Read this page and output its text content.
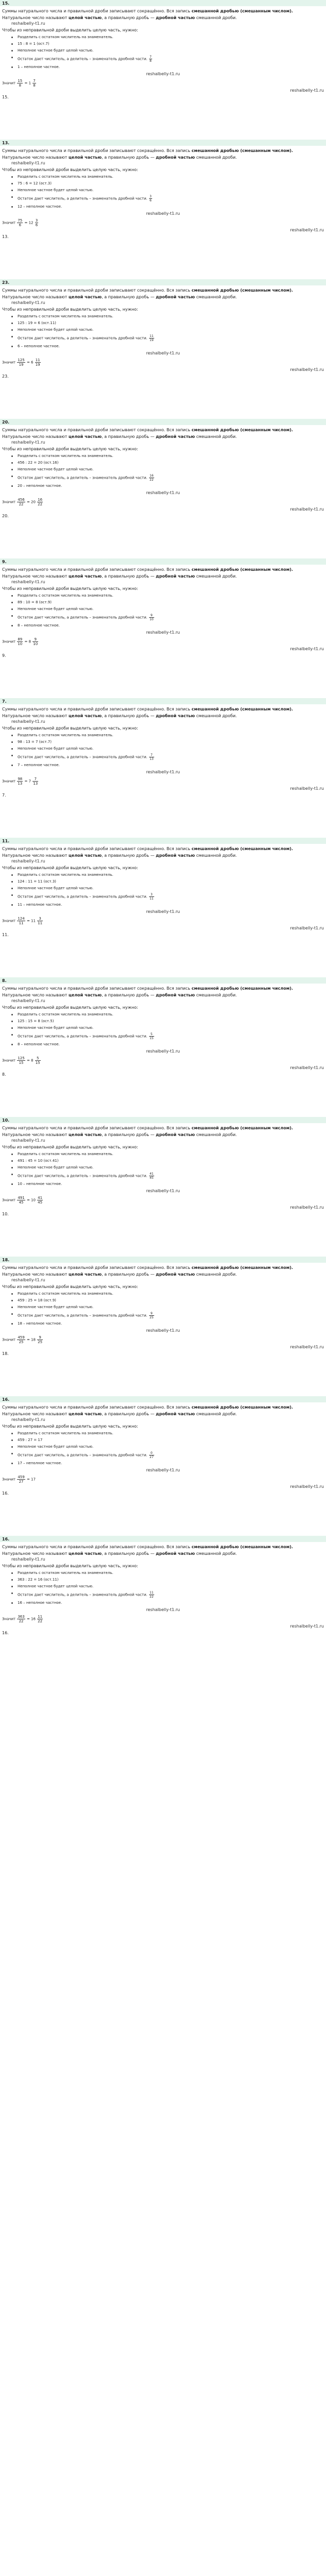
15.
Суммы натурального числа и правильной дроби записывают сокращённо. Вся запись смешанной дробью (смешанным числом).
Натуральное число называют целой частью, а правильную дробь — дробной частью смешанной дроби.
reshalbelly-t1.ru
Чтобы из неправильной дроби выделить целую часть, нужно:
Разделить с остатком числитель на знаменатель.
15 : 8 = 1 (ост.7)
Неполное частное будет целой частью.
Остаток дает числитель, а делитель – знаменатель дробной части. $\frac{7}{8}$
1 – неполное частное.
reshalbelly-t1.ru
Значит $\frac{15}{8} = 1 \frac{7}{8}$
reshalbelly-t1.ru
15.
13.
Суммы натурального числа и правильной дроби записывают сокращённо. Вся запись смешанной дробью (смешанным числом).
Натуральное число называют целой частью, а правильную дробь — дробной частью смешанной дроби.
reshalbelly-t1.ru
Чтобы из неправильной дроби выделить целую часть, нужно:
Разделить с остатком числитель на знаменатель.
75 : 6 = 12 (ост.3)
Неполное частное будет целой частью.
Остаток дает числитель, а делитель – знаменатель дробной части. $\frac{3}{6}$
12 – неполное частное.
reshalbelly-t1.ru
Значит $\frac{75}{6} = 12 \frac{3}{6}$
reshalbelly-t1.ru
13.
23.
Суммы натурального числа и правильной дроби записывают сокращённо. Вся запись смешанной дробью (смешанным числом).
Натуральное число называют целой частью, а правильную дробь — дробной частью смешанной дроби.
reshalbelly-t1.ru
Чтобы из неправильной дроби выделить целую часть, нужно:
Разделить с остатком числитель на знаменатель.
125 : 19 = 6 (ост.11)
Неполное частное будет целой частью.
Остаток дает числитель, а делитель – знаменатель дробной части. $\frac{11}{19}$
6 – неполное частное.
reshalbelly-t1.ru
Значит $\frac{125}{19} = 6 \frac{11}{19}$
reshalbelly-t1.ru
23.
20.
Суммы натурального числа и правильной дроби записывают сокращённо. Вся запись смешанной дробью (смешанным числом).
Натуральное число называют целой частью, а правильную дробь — дробной частью смешанной дроби.
reshalbelly-t1.ru
Чтобы из неправильной дроби выделить целую часть, нужно:
Разделить с остатком числитель на знаменатель.
456 : 22 = 20 (ост.16)
Неполное частное будет целой частью.
Остаток дает числитель, а делитель – знаменатель дробной части. $\frac{16}{22}$
20 – неполное частное.
reshalbelly-t1.ru
Значит $\frac{456}{22} = 20 \frac{16}{22}$
reshalbelly-t1.ru
20.
9.
Суммы натурального числа и правильной дроби записывают сокращённо. Вся запись смешанной дробью (смешанным числом).
Натуральное число называют целой частью, а правильную дробь — дробной частью смешанной дроби.
reshalbelly-t1.ru
Чтобы из неправильной дроби выделить целую часть, нужно:
Разделить с остатком числитель на знаменатель.
89 : 10 = 8 (ост.9)
Неполное частное будет целой частью.
Остаток дает числитель, а делитель – знаменатель дробной части. $\frac{9}{10}$
8 – неполное частное.
reshalbelly-t1.ru
Значит $\frac{89}{10} = 8 \frac{9}{10}$
reshalbelly-t1.ru
9.
7.
Суммы натурального числа и правильной дроби записывают сокращённо. Вся запись смешанной дробью (смешанным числом).
Натуральное число называют целой частью, а правильную дробь — дробной частью смешанной дроби.
reshalbelly-t1.ru
Чтобы из неправильной дроби выделить целую часть, нужно:
Разделить с остатком числитель на знаменатель.
98 : 13 = 7 (ост.7)
Неполное частное будет целой частью.
Остаток дает числитель, а делитель – знаменатель дробной части. $\frac{7}{13}$
7 – неполное частное.
reshalbelly-t1.ru
Значит $\frac{98}{13} = 7 \frac{7}{13}$
reshalbelly-t1.ru
7.
11.
Суммы натурального числа и правильной дроби записывают сокращённо. Вся запись смешанной дробью (смешанным числом).
Натуральное число называют целой частью, а правильную дробь — дробной частью смешанной дроби.
reshalbelly-t1.ru
Чтобы из неправильной дроби выделить целую часть, нужно:
Разделить с остатком числитель на знаменатель.
124 : 11 = 11 (ост.3)
Неполное частное будет целой частью.
Остаток дает числитель, а делитель – знаменатель дробной части. $\frac{3}{11}$
11 – неполное частное.
reshalbelly-t1.ru
Значит $\frac{124}{11} = 11 \frac{3}{11}$
reshalbelly-t1.ru
11.
8.
Суммы натурального числа и правильной дроби записывают сокращённо. Вся запись смешанной дробью (смешанным числом).
Натуральное число называют целой частью, а правильную дробь — дробной частью смешанной дроби.
reshalbelly-t1.ru
Чтобы из неправильной дроби выделить целую часть, нужно:
Разделить с остатком числитель на знаменатель.
125 : 15 = 8 (ост.5)
Неполное частное будет целой частью.
Остаток дает числитель, а делитель – знаменатель дробной части. $\frac{5}{15}$
8 – неполное частное.
reshalbelly-t1.ru
Значит $\frac{125}{15} = 8 \frac{5}{15}$
reshalbelly-t1.ru
8.
10.
Суммы натурального числа и правильной дроби записывают сокращённо. Вся запись смешанной дробью (смешанным числом).
Натуральное число называют целой частью, а правильную дробь — дробной частью смешанной дроби.
reshalbelly-t1.ru
Чтобы из неправильной дроби выделить целую часть, нужно:
Разделить с остатком числитель на знаменатель.
491 : 45 = 10 (ост.41)
Неполное частное будет целой частью.
Остаток дает числитель, а делитель – знаменатель дробной части. $\frac{41}{45}$
10 – неполное частное.
reshalbelly-t1.ru
Значит $\frac{491}{45} = 10 \frac{41}{45}$
reshalbelly-t1.ru
10.
18.
Суммы натурального числа и правильной дроби записывают сокращённо. Вся запись смешанной дробью (смешанным числом).
Натуральное число называют целой частью, а правильную дробь — дробной частью смешанной дроби.
reshalbelly-t1.ru
Чтобы из неправильной дроби выделить целую часть, нужно:
Разделить с остатком числитель на знаменатель.
459 : 25 = 18 (ост.9)
Неполное частное будет целой частью.
Остаток дает числитель, а делитель – знаменатель дробной части. $\frac{9}{25}$
18 – неполное частное.
reshalbelly-t1.ru
Значит $\frac{459}{25} = 18 \frac{9}{25}$
reshalbelly-t1.ru
18.
16.
Суммы натурального числа и правильной дроби записывают сокращённо. Вся запись смешанной дробью (смешанным числом).
Натуральное число называют целой частью, а правильную дробь — дробной частью смешанной дроби.
reshalbelly-t1.ru
Чтобы из неправильной дроби выделить целую часть, нужно:
Разделить с остатком числитель на знаменатель.
459 : 27 = 17
Неполное частное будет целой частью.
Остаток дает числитель, а делитель – знаменатель дробной части. $\frac{0}{27}$
17 – неполное частное.
reshalbelly-t1.ru
Значит $\frac{459}{27} = 17$
reshalbelly-t1.ru
16.
16.
Суммы натурального числа и правильной дроби записывают сокращённо. Вся запись смешанной дробью (смешанным числом).
Натуральное число называют целой частью, а правильную дробь — дробной частью смешанной дроби.
reshalbelly-t1.ru
Чтобы из неправильной дроби выделить целую часть, нужно:
Разделить с остатком числитель на знаменатель.
363 : 22 = 16 (ост.11)
Неполное частное будет целой частью.
Остаток дает числитель, а делитель – знаменатель дробной части. $\frac{11}{22}$
16 – неполное частное.
reshalbelly-t1.ru
Значит $\frac{363}{22} = 16 \frac{11}{22}$
reshalbelly-t1.ru
16.
